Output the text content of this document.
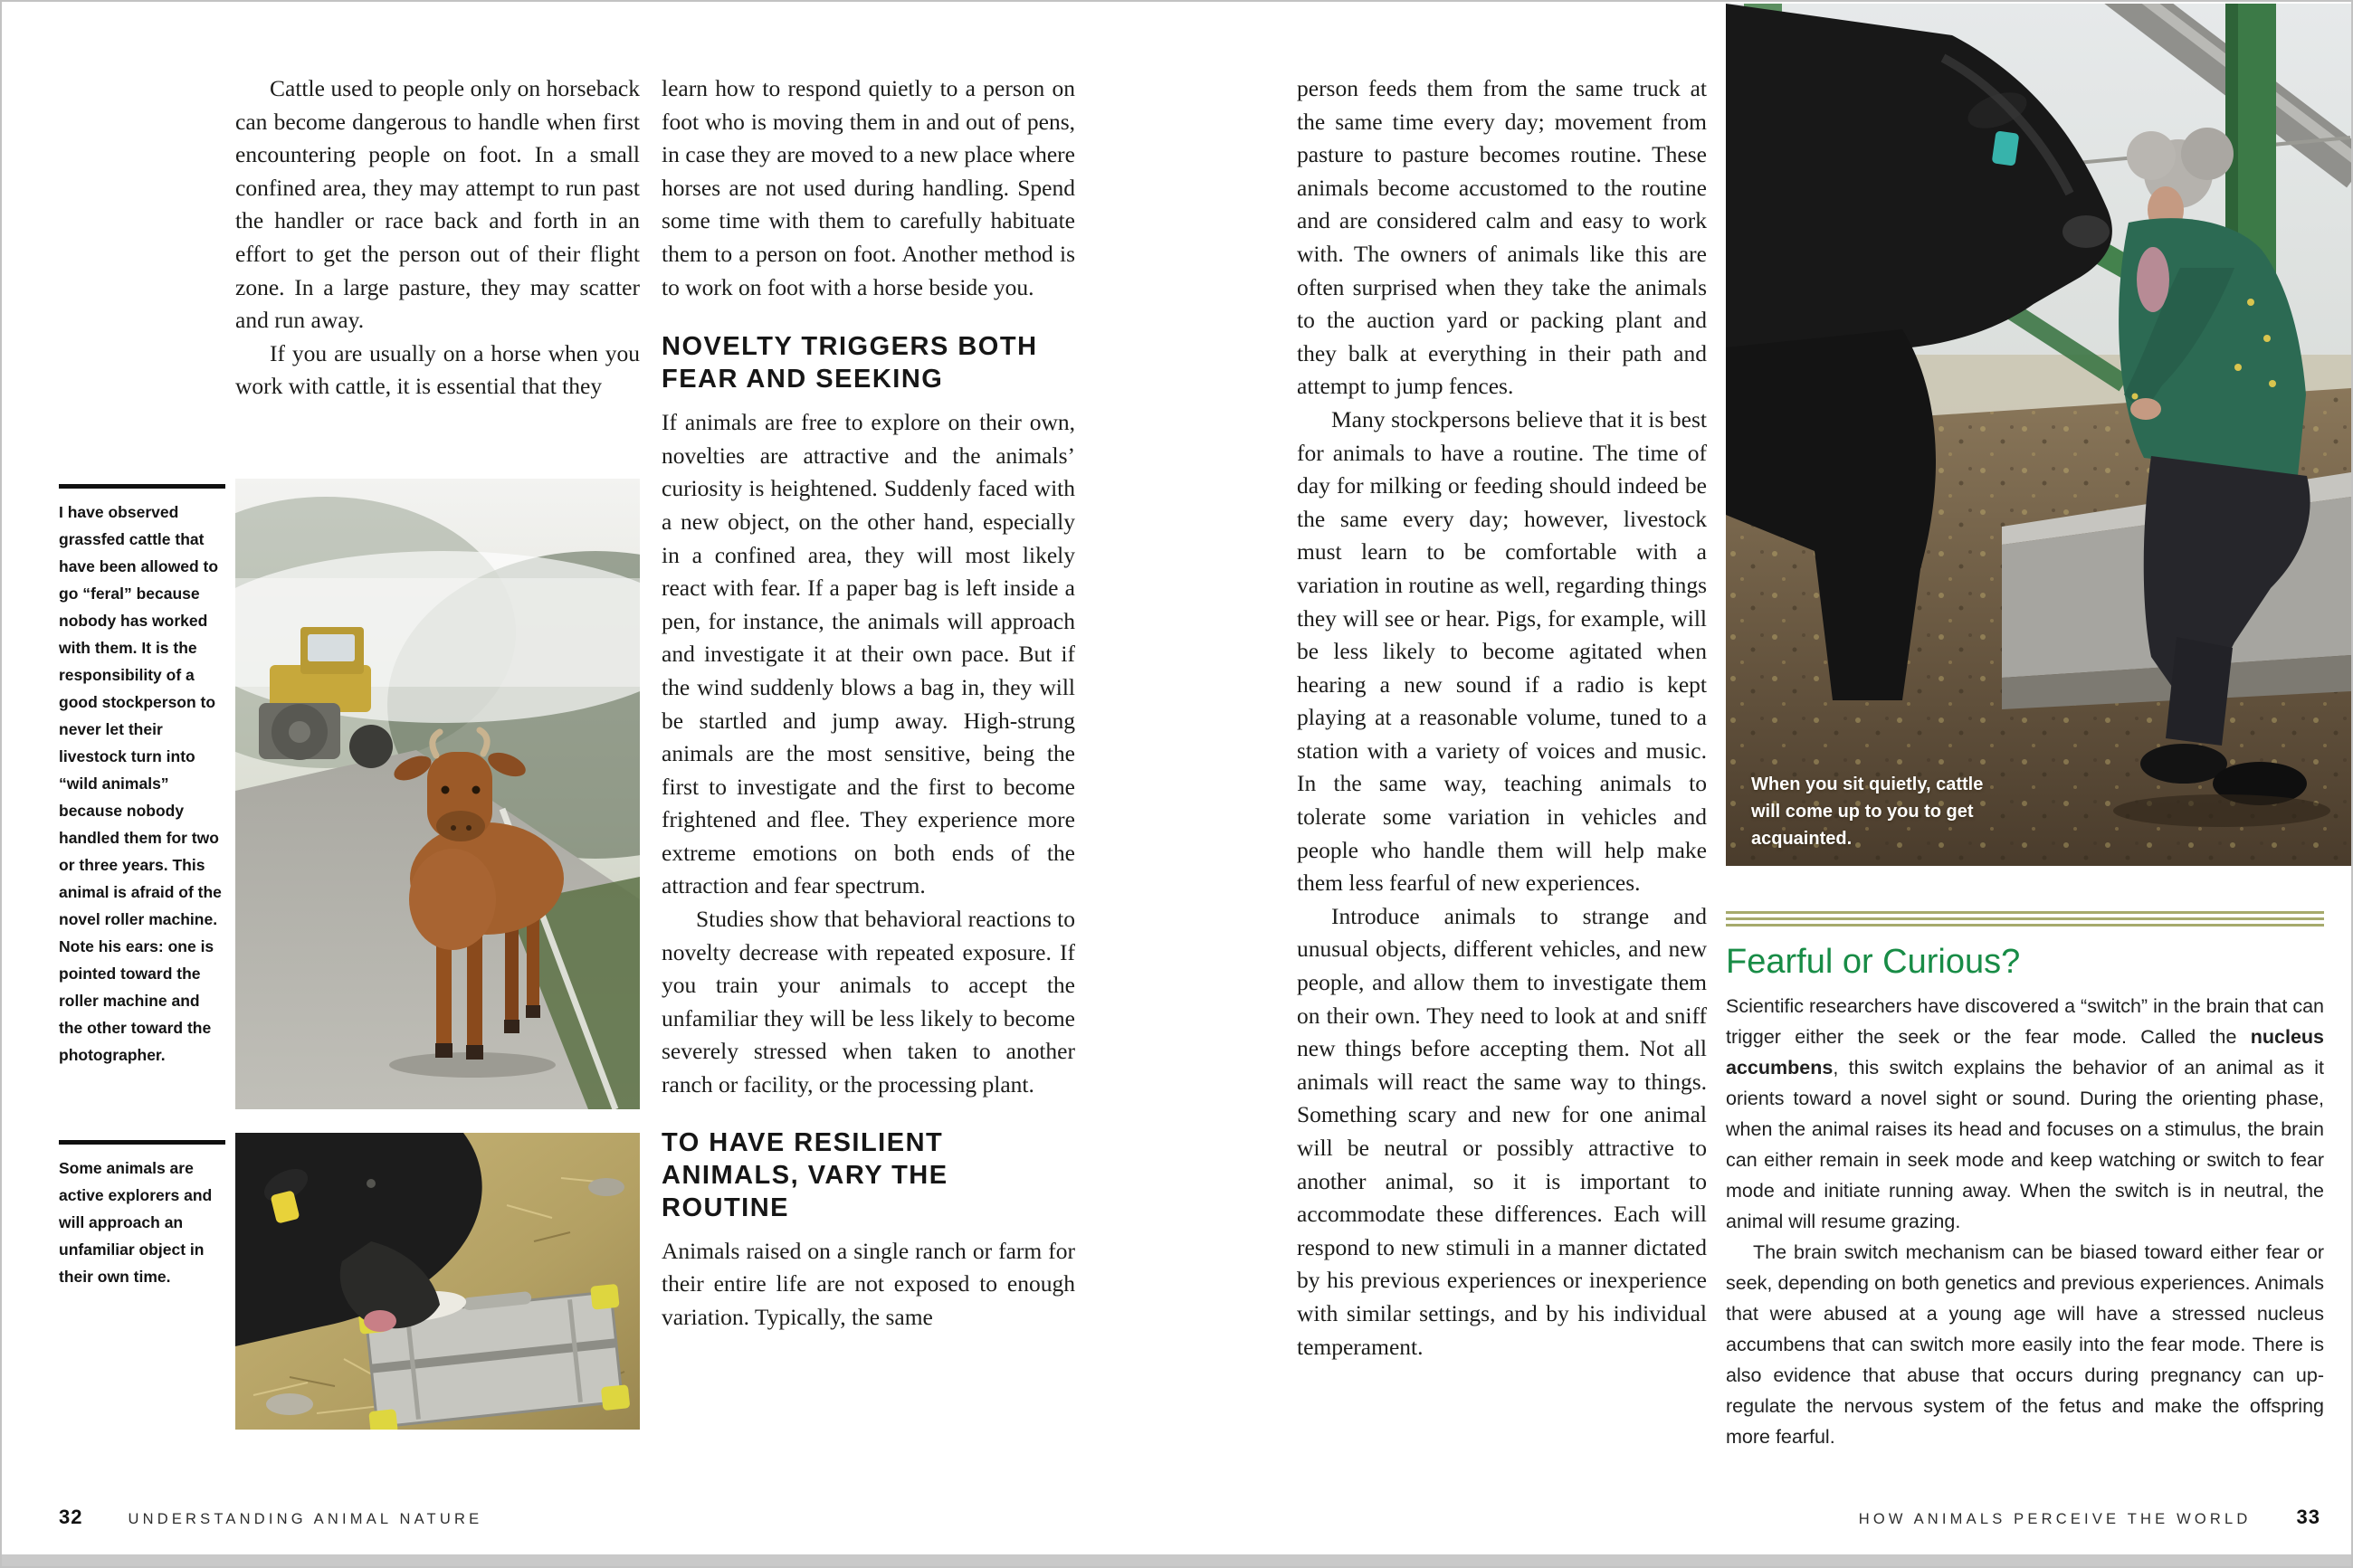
I have observed grassfed cattle that have been allowed to go “feral” because nobody has worked with them. It is the responsibility of a good stockperson to never let their livestock turn into “wild animals” because nobody handled them for two or three years. This animal is afraid of the novel roller machine. Note his ears: one is pointed toward the roller machine and the other toward the photographer.
Some animals are active explorers and will approach an unfamiliar object in their own time.

Cattle used to people only on horseback can become dangerous to handle when first encountering people on foot. In a small confined area, they may attempt to run past the handler or race back and forth in an effort to get the person out of their flight zone. In a large pasture, they may scatter and run away.

If you are usually on a horse when you work with cattle, it is essential that they

learn how to respond quietly to a person on foot who is moving them in and out of pens, in case they are moved to a new place where horses are not used during handling. Spend some time with them to carefully habituate them to a person on foot. Another method is to work on foot with a horse beside you.

NOVELTY TRIGGERS BOTH FEAR AND SEEKING

If animals are free to explore on their own, novelties are attractive and the animals’ curiosity is heightened. Suddenly faced with a new object, on the other hand, especially in a confined area, they will most likely react with fear. If a paper bag is left inside a pen, for instance, the animals will approach and investigate it at their own pace. But if the wind suddenly blows a bag in, they will be startled and jump away. High-strung animals are the most sensitive, being the first to investigate and the first to become frightened and flee. They experience more extreme emotions on both ends of the attraction and fear spectrum.

Studies show that behavioral reactions to novelty decrease with repeated exposure. If you train your animals to accept the unfamiliar they will be less likely to become severely stressed when taken to another ranch or facility, or the processing plant.

TO HAVE RESILIENT ANIMALS, VARY THE ROUTINE

Animals raised on a single ranch or farm for their entire life are not exposed to enough variation. Typically, the same

person feeds them from the same truck at the same time every day; movement from pasture to pasture becomes routine. These animals become accustomed to the routine and are considered calm and easy to work with. The owners of animals like this are often surprised when they take the animals to the auction yard or packing plant and they balk at everything in their path and attempt to jump fences.

Many stockpersons believe that it is best for animals to have a routine. The time of day for milking or feeding should indeed be the same every day; however, livestock must learn to be comfortable with a variation in routine as well, regarding things they will see or hear. Pigs, for example, will be less likely to become agitated when hearing a new sound if a radio is kept playing at a reasonable volume, tuned to a station with a variety of voices and music. In the same way, teaching animals to tolerate some variation in vehicles and people who handle them will help make them less fearful of new experiences.

Introduce animals to strange and unusual objects, different vehicles, and new people, and allow them to investigate them on their own. They need to look at and sniff new things before accepting them. Not all animals will react the same way to things. Something scary and new for one animal will be neutral or possibly attractive to another animal, so it is important to accommodate these differences. Each will respond to new stimuli in a manner dictated by his previous experiences or inexperience with similar settings, and by his individual temperament.

When you sit quietly, cattle will come up to you to get acquainted.
Fearful or Curious?

Scientific researchers have discovered a “switch” in the brain that can trigger either the seek or the fear mode. Called the nucleus accumbens, this switch explains the behavior of an animal as it orients toward a novel sight or sound. During the orienting phase, when the animal raises its head and focuses on a stimulus, the brain can either remain in seek mode and keep watching or switch to fear mode and initiate running away. When the switch is in neutral, the animal will resume grazing.

The brain switch mechanism can be biased toward either fear or seek, depending on both genetics and previous experiences. Animals that were abused at a young age will have a stressed nucleus accumbens that can switch more easily into the fear mode. There is also evidence that abuse that occurs during pregnancy can up-regulate the nervous system of the fetus and make the offspring more fearful.

32	UNDERSTANDING ANIMAL NATURE	HOW ANIMALS PERCEIVE THE WORLD 33
